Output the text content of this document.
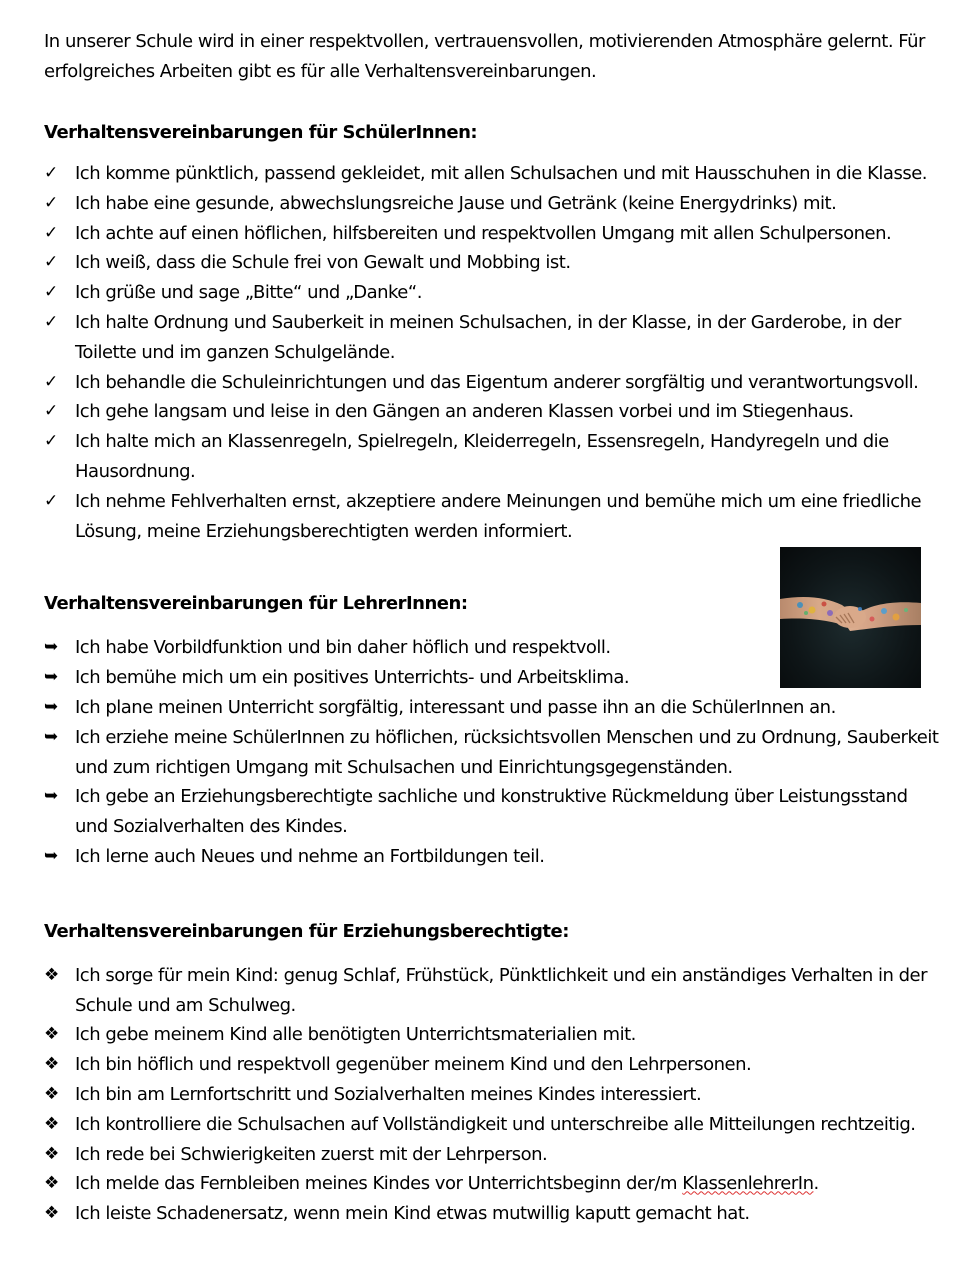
In unserer Schule wird in einer respektvollen, vertrauensvollen, motivierenden Atmosphäre gelernt. Für erfolgreiches Arbeiten gibt es für alle Verhaltensvereinbarungen.

Verhaltensvereinbarungen für SchülerInnen:

✓ Ich komme pünktlich, passend gekleidet, mit allen Schulsachen und mit Hausschuhen in die Klasse.
✓ Ich habe eine gesunde, abwechslungsreiche Jause und Getränk (keine Energydrinks) mit.
✓ Ich achte auf einen höflichen, hilfsbereiten und respektvollen Umgang mit allen Schulpersonen.
✓ Ich weiß, dass die Schule frei von Gewalt und Mobbing ist.
✓ Ich grüße und sage „Bitte“ und „Danke“.
✓ Ich halte Ordnung und Sauberkeit in meinen Schulsachen, in der Klasse, in der Garderobe, in der Toilette und im ganzen Schulgelände.
✓ Ich behandle die Schuleinrichtungen und das Eigentum anderer sorgfältig und verantwortungsvoll.
✓ Ich gehe langsam und leise in den Gängen an anderen Klassen vorbei und im Stiegenhaus.
✓ Ich halte mich an Klassenregeln, Spielregeln, Kleiderregeln, Essensregeln, Handyregeln und die Hausordnung.
✓ Ich nehme Fehlverhalten ernst, akzeptiere andere Meinungen und bemühe mich um eine friedliche Lösung, meine Erziehungsberechtigten werden informiert.

Verhaltensvereinbarungen für LehrerInnen:

➥ Ich habe Vorbildfunktion und bin daher höflich und respektvoll.
➥ Ich bemühe mich um ein positives Unterrichts- und Arbeitsklima.
➥ Ich plane meinen Unterricht sorgfältig, interessant und passe ihn an die SchülerInnen an.
➥ Ich erziehe meine SchülerInnen zu höflichen, rücksichtsvollen Menschen und zu Ordnung, Sauberkeit und zum richtigen Umgang mit Schulsachen und Einrichtungsgegenständen.
➥ Ich gebe an Erziehungsberechtigte sachliche und konstruktive Rückmeldung über Leistungsstand und Sozialverhalten des Kindes.
➥ Ich lerne auch Neues und nehme an Fortbildungen teil.

Verhaltensvereinbarungen für Erziehungsberechtigte:

❖ Ich sorge für mein Kind: genug Schlaf, Frühstück, Pünktlichkeit und ein anständiges Verhalten in der Schule und am Schulweg.
❖ Ich gebe meinem Kind alle benötigten Unterrichtsmaterialien mit.
❖ Ich bin höflich und respektvoll gegenüber meinem Kind und den Lehrpersonen.
❖ Ich bin am Lernfortschritt und Sozialverhalten meines Kindes interessiert.
❖ Ich kontrolliere die Schulsachen auf Vollständigkeit und unterschreibe alle Mitteilungen rechtzeitig.
❖ Ich rede bei Schwierigkeiten zuerst mit der Lehrperson.
❖ Ich melde das Fernbleiben meines Kindes vor Unterrichtsbeginn der/m KlassenlehrerIn.
❖ Ich leiste Schadenersatz, wenn mein Kind etwas mutwillig kaputt gemacht hat.
